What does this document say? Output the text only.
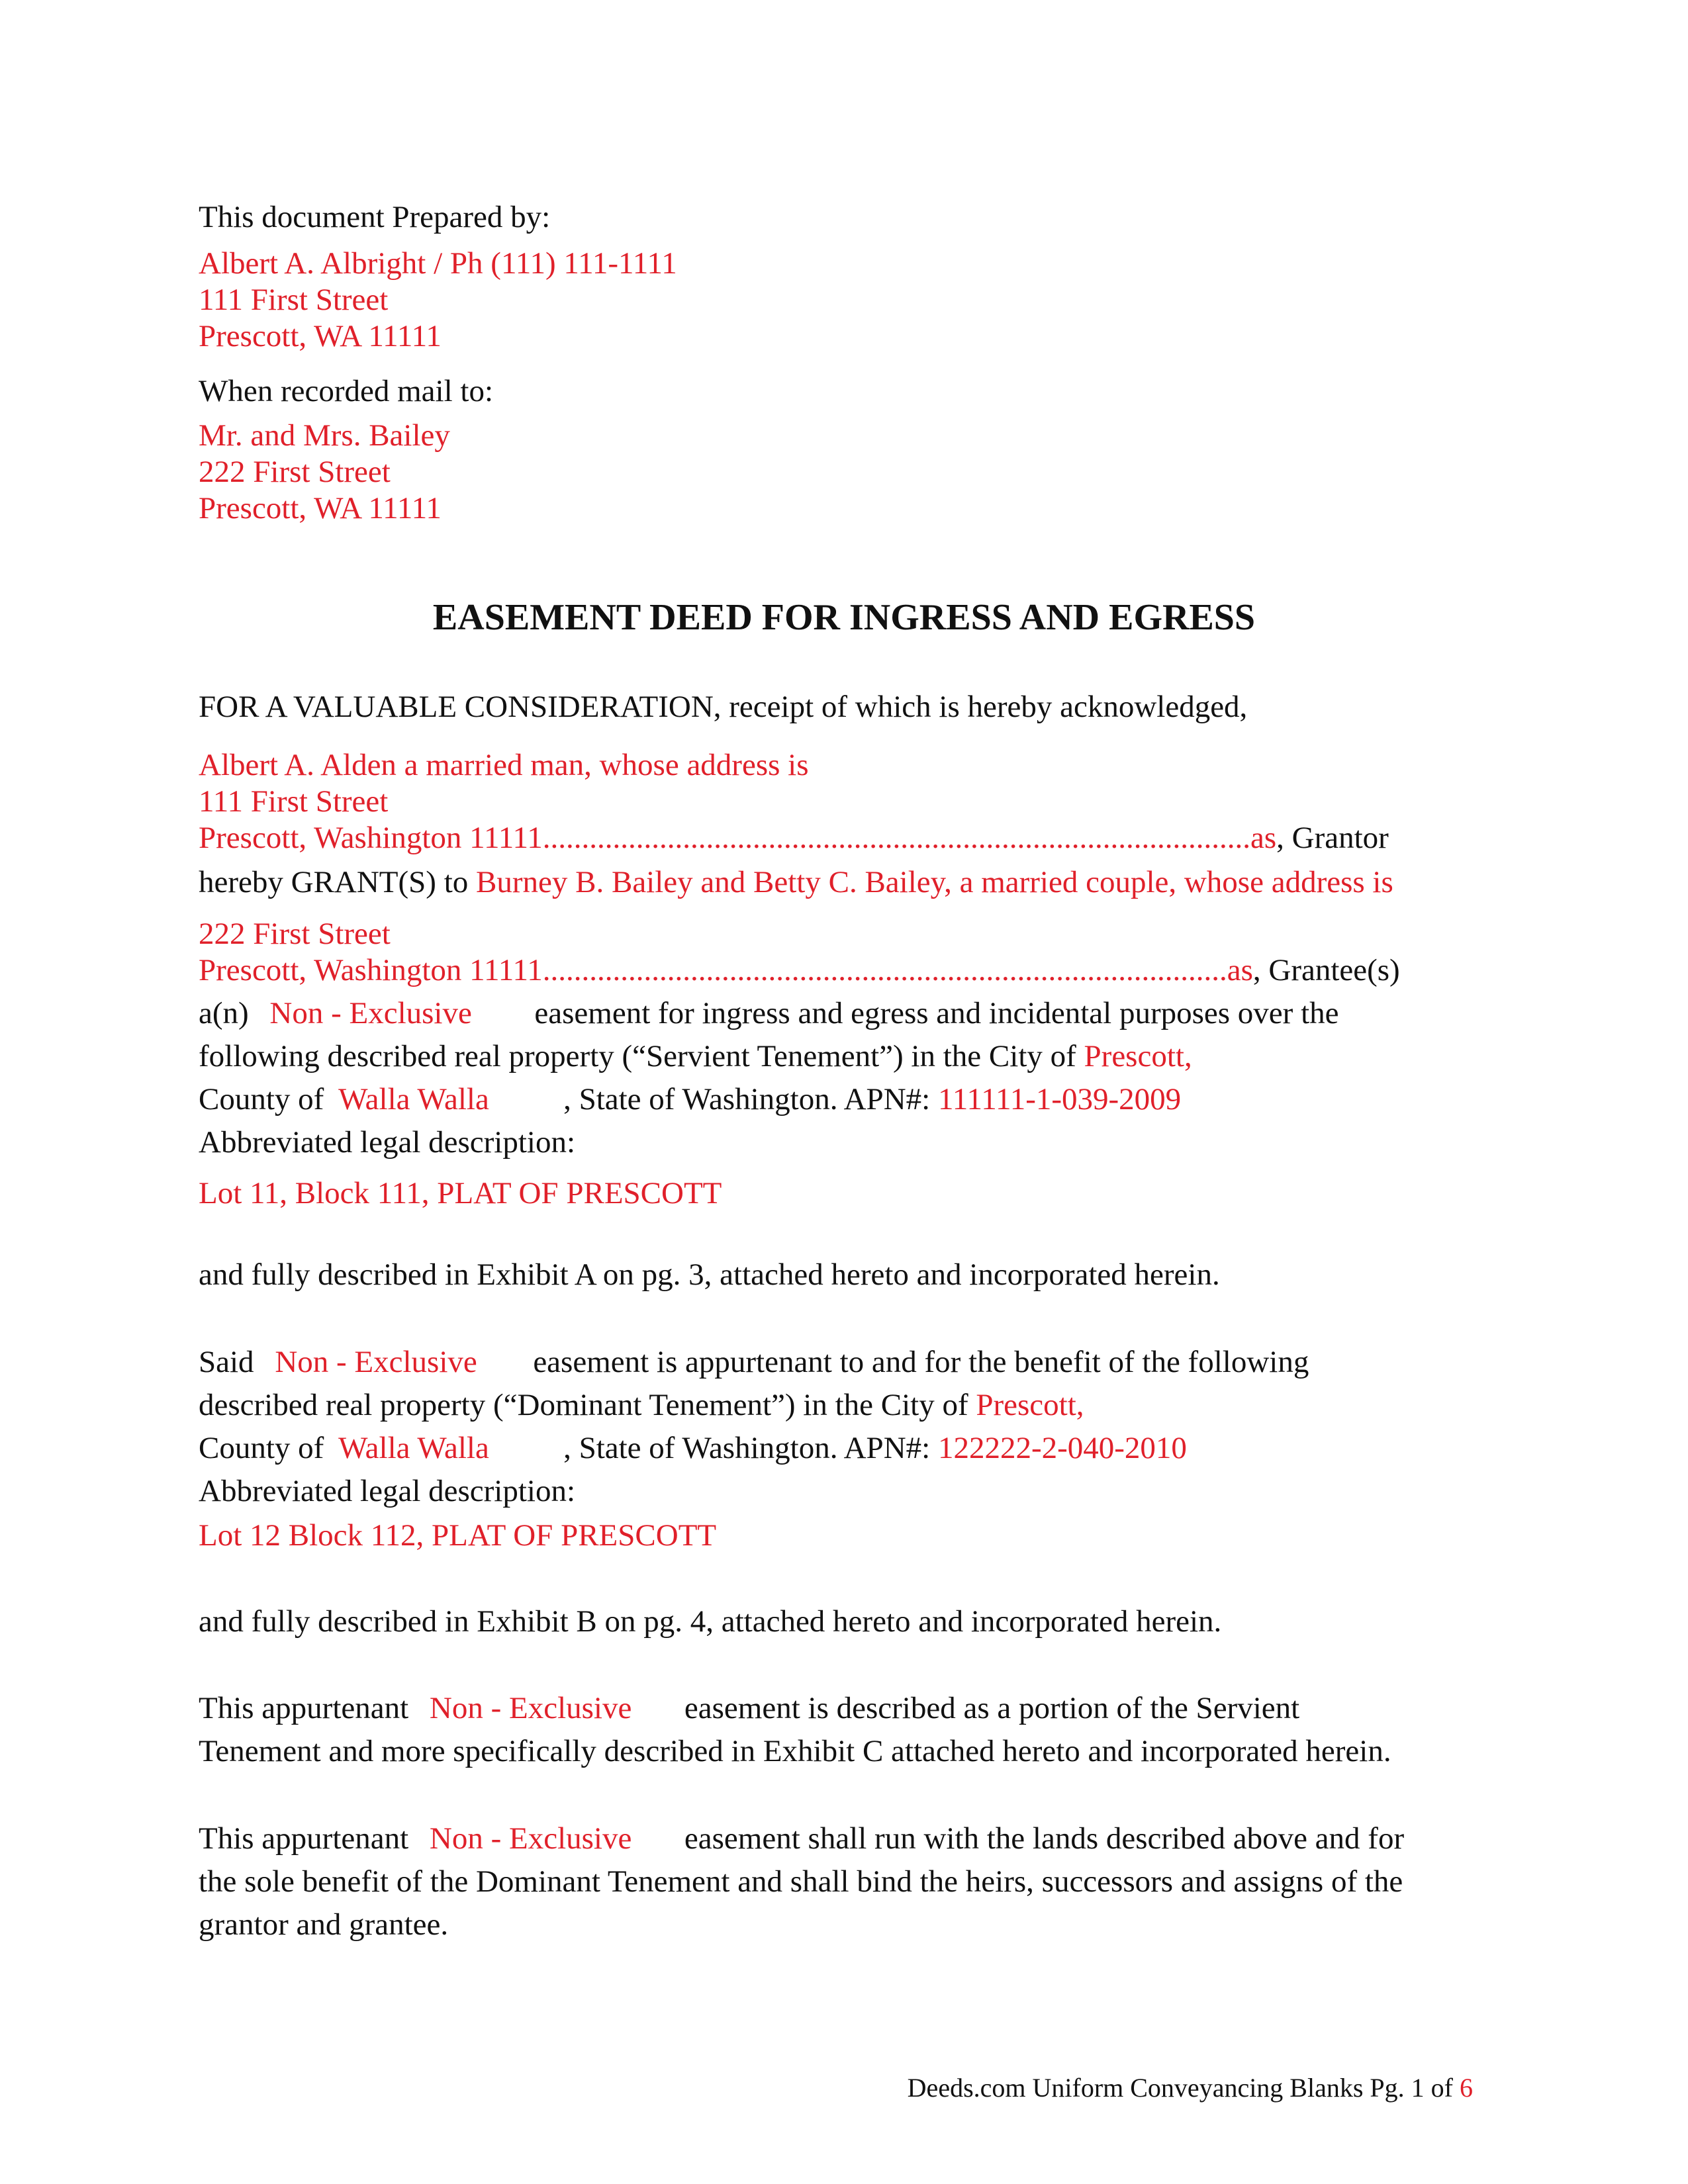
This document Prepared by:
Albert A. Albright / Ph (111) 111-1111
111 First Street
Prescott, WA 11111
When recorded mail to:
Mr. and Mrs. Bailey
222 First Street
Prescott, WA 11111
EASEMENT DEED FOR INGRESS AND EGRESS
FOR A VALUABLE CONSIDERATION, receipt of which is hereby acknowledged,
Albert A. Alden a married man, whose address is
111 First Street
Prescott, Washington 11111...........................................................................................as, Grantor
hereby GRANT(S) to Burney B. Bailey and Betty C. Bailey, a married couple, whose address is
222 First Street
Prescott, Washington 11111........................................................................................as, Grantee(s)
a(n) Non - Exclusive easement for ingress and egress and incidental purposes over the
following described real property (“Servient Tenement”) in the City of Prescott,
County of Walla Walla , State of Washington. APN#: 111111-1-039-2009
Abbreviated legal description:
Lot 11, Block 111, PLAT OF PRESCOTT
and fully described in Exhibit A on pg. 3, attached hereto and incorporated herein.
Said Non - Exclusive easement is appurtenant to and for the benefit of the following
described real property (“Dominant Tenement”) in the City of Prescott,
County of Walla Walla , State of Washington. APN#: 122222-2-040-2010
Abbreviated legal description:
Lot 12 Block 112, PLAT OF PRESCOTT
and fully described in Exhibit B on pg. 4, attached hereto and incorporated herein.
This appurtenant Non - Exclusive easement is described as a portion of the Servient
Tenement and more specifically described in Exhibit C attached hereto and incorporated herein.
This appurtenant Non - Exclusive easement shall run with the lands described above and for
the sole benefit of the Dominant Tenement and shall bind the heirs, successors and assigns of the
grantor and grantee.
Deeds.com Uniform Conveyancing Blanks Pg. 1 of 6
